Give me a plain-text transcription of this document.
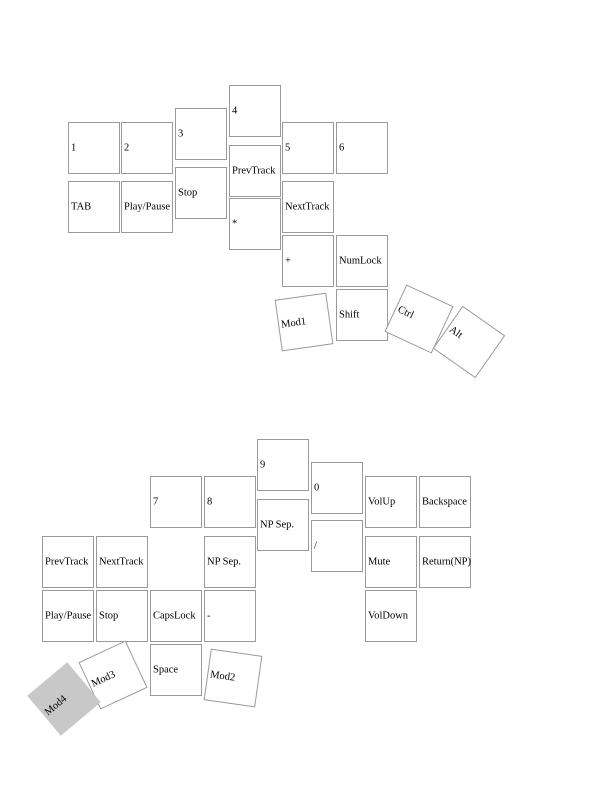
1	2
3
4
5	6
TAB	Play/Pause
Stop
PrevTrack
NextTrack
*
+	NumLock
Mod1
Shift	Ctrl
Alt
9
0
7	8	VolUp	Backspace
NP Sep.
/
PrevTrack NextTrack	NP Sep.	Mute	Return(NP)
Play/Pause Stop	CapsLock -	VolDown
Space	Mod2
Mod3
Mod4
